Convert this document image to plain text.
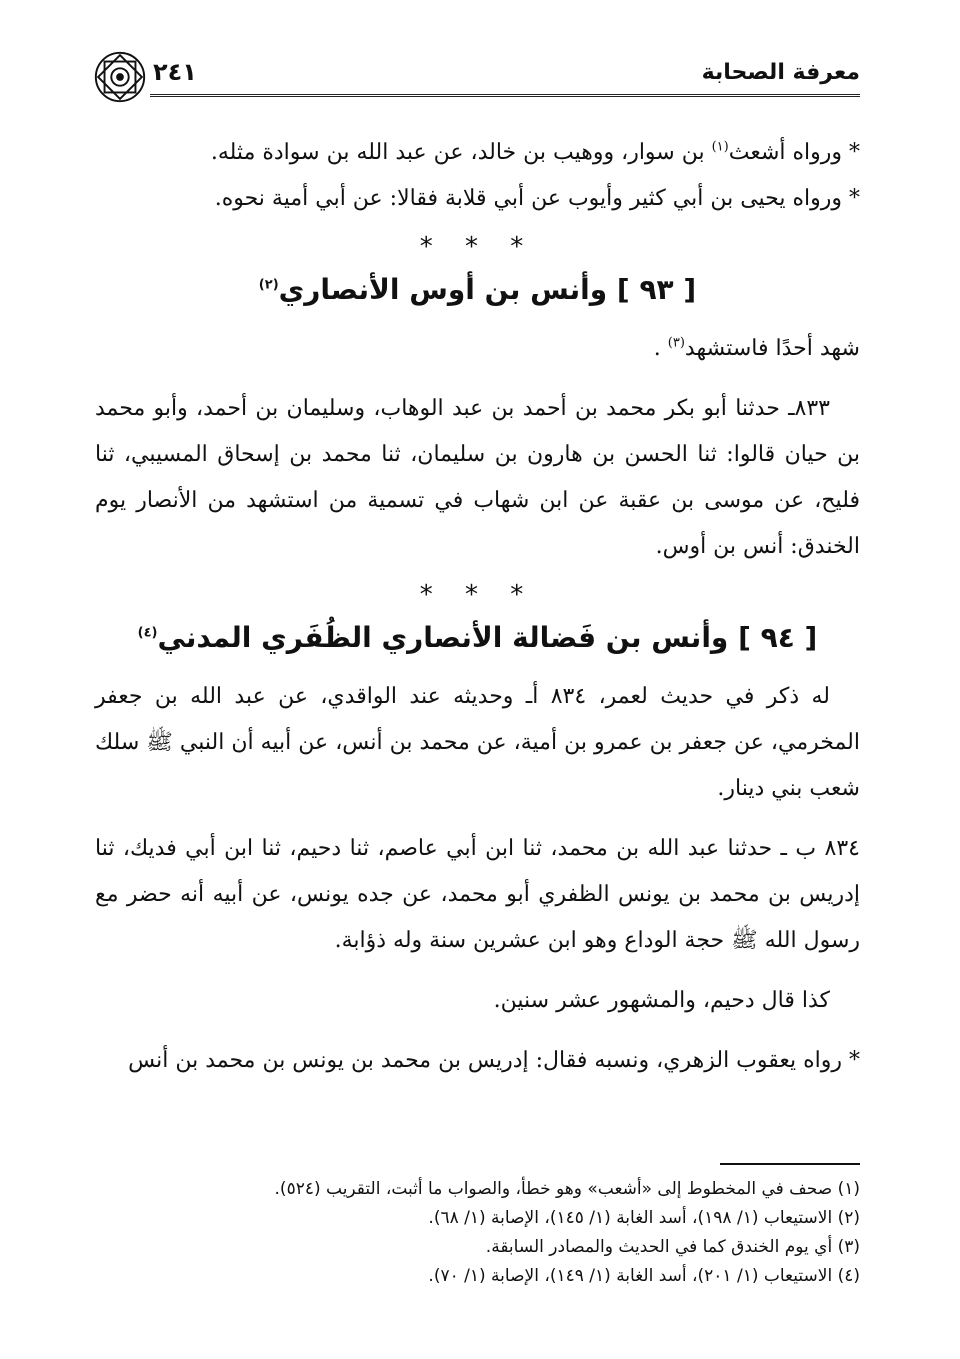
معرفة الصحابة
٢٤١

* ورواه أشعث$^{(١)}$ بن سوار، ووهيب بن خالد، عن عبد الله بن سوادة مثله.

* ورواه يحيى بن أبي كثير وأيوب عن أبي قلابة فقالا: عن أبي أمية نحوه.

* * *
[ ٩٣ ] وأنس بن أوس الأنصاري$^{(٢)}$

شهد أحدًا فاستشهد$^{(٣)}$ .

٨٣٣ـ حدثنا أبو بكر محمد بن أحمد بن عبد الوهاب، وسليمان بن أحمد، وأبو محمد بن حيان قالوا: ثنا الحسن بن هارون بن سليمان، ثنا محمد بن إسحاق المسيبي، ثنا فليح، عن موسى بن عقبة عن ابن شهاب في تسمية من استشهد من الأنصار يوم الخندق: أنس بن أوس.

* * *
[ ٩٤ ] وأنس بن فَضالة الأنصاري الظُفَري المدني$^{(٤)}$

له ذكر في حديث لعمر، ٨٣٤ أـ وحديثه عند الواقدي، عن عبد الله بن جعفر المخرمي، عن جعفر بن عمرو بن أمية، عن محمد بن أنس، عن أبيه أن النبي ﷺ سلك شعب بني دينار.

٨٣٤ ب ـ حدثنا عبد الله بن محمد، ثنا ابن أبي عاصم، ثنا دحيم، ثنا ابن أبي فديك، ثنا إدريس بن محمد بن يونس الظفري أبو محمد، عن جده يونس، عن أبيه أنه حضر مع رسول الله ﷺ حجة الوداع وهو ابن عشرين سنة وله ذؤابة.

كذا قال دحيم، والمشهور عشر سنين.

* رواه يعقوب الزهري، ونسبه فقال: إدريس بن محمد بن يونس بن محمد بن أنس

(١) صحف في المخطوط إلى «أشعب» وهو خطأ، والصواب ما أثبت، التقريب (٥٢٤).

(٢) الاستيعاب (١/ ١٩٨)، أسد الغابة (١/ ١٤٥)، الإصابة (١/ ٦٨).

(٣) أي يوم الخندق كما في الحديث والمصادر السابقة.

(٤) الاستيعاب (١/ ٢٠١)، أسد الغابة (١/ ١٤٩)، الإصابة (١/ ٧٠).
